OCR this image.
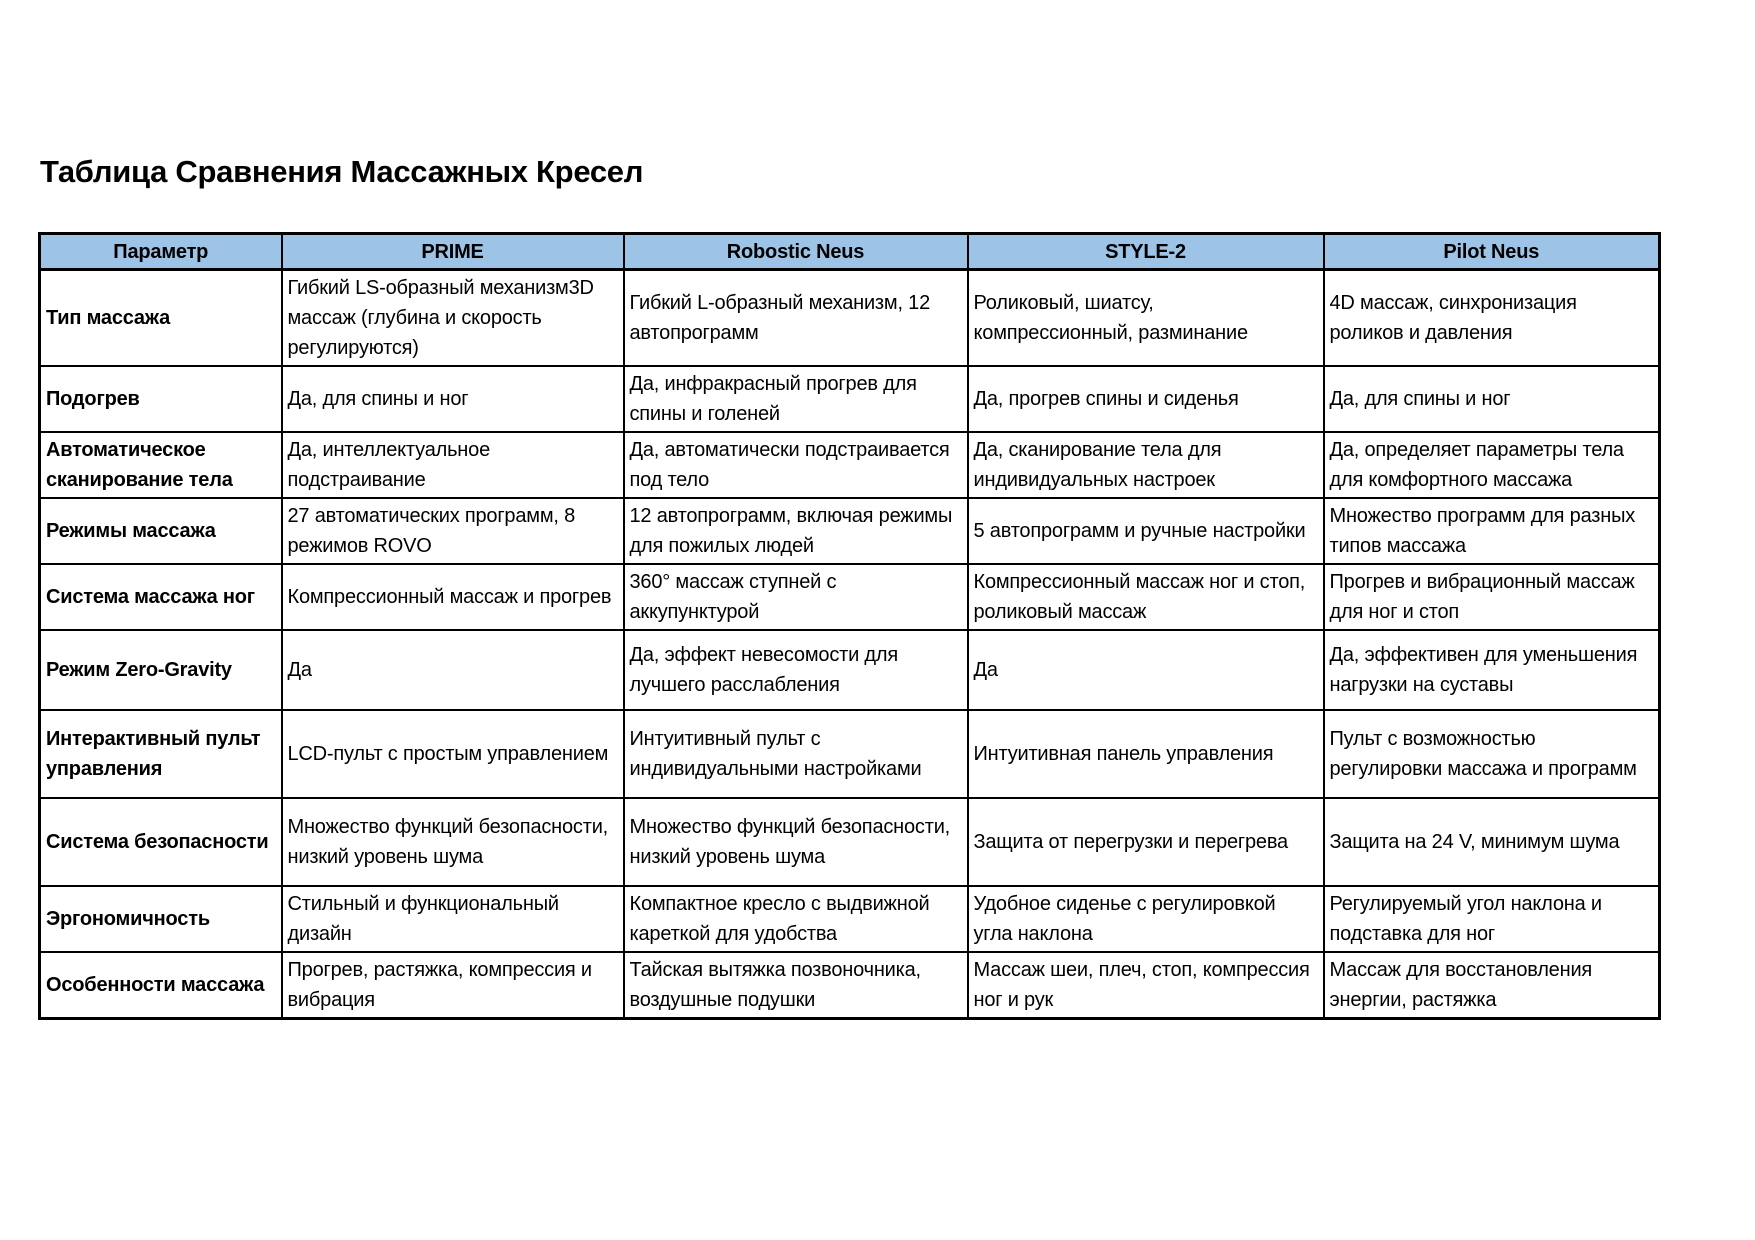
Таблица Сравнения Массажных Кресел
Параметр	PRIME	Robostic Neus	STYLE-2	Pilot Neus
Тип массажа	Гибкий LS-образный механизм3D массаж (глубина и скорость регулируются)	Гибкий L-образный механизм, 12 автопрограмм	Роликовый, шиатсу, компрессионный, разминание	4D массаж, синхронизация роликов и давления
Подогрев	Да, для спины и ног	Да, инфракрасный прогрев для спины и голеней	Да, прогрев спины и сиденья	Да, для спины и ног
Автоматическое сканирование тела	Да, интеллектуальное подстраивание	Да, автоматически подстраивается под тело	Да, сканирование тела для индивидуальных настроек	Да, определяет параметры тела для комфортного массажа
Режимы массажа	27 автоматических программ, 8 режимов ROVO	12 автопрограмм, включая режимы для пожилых людей	5 автопрограмм и ручные настройки	Множество программ для разных типов массажа
Система массажа ног	Компрессионный массаж и прогрев	360° массаж ступней с аккупунктурой	Компрессионный массаж ног и стоп, роликовый массаж	Прогрев и вибрационный массаж для ног и стоп
Режим Zero-Gravity	Да	Да, эффект невесомости для лучшего расслабления	Да	Да, эффективен для уменьшения нагрузки на суставы
Интерактивный пульт управления	LCD-пульт с простым управлением	Интуитивный пульт с индивидуальными настройками	Интуитивная панель управления	Пульт с возможностью регулировки массажа и программ
Система безопасности	Множество функций безопасности, низкий уровень шума	Множество функций безопасности, низкий уровень шума	Защита от перегрузки и перегрева	Защита на 24 V, минимум шума
Эргономичность	Стильный и функциональный дизайн	Компактное кресло с выдвижной кареткой для удобства	Удобное сиденье с регулировкой угла наклона	Регулируемый угол наклона и подставка для ног
Особенности массажа	Прогрев, растяжка, компрессия и вибрация	Тайская вытяжка позвоночника, воздушные подушки	Массаж шеи, плеч, стоп, компрессия ног и рук	Массаж для восстановления энергии, растяжка
